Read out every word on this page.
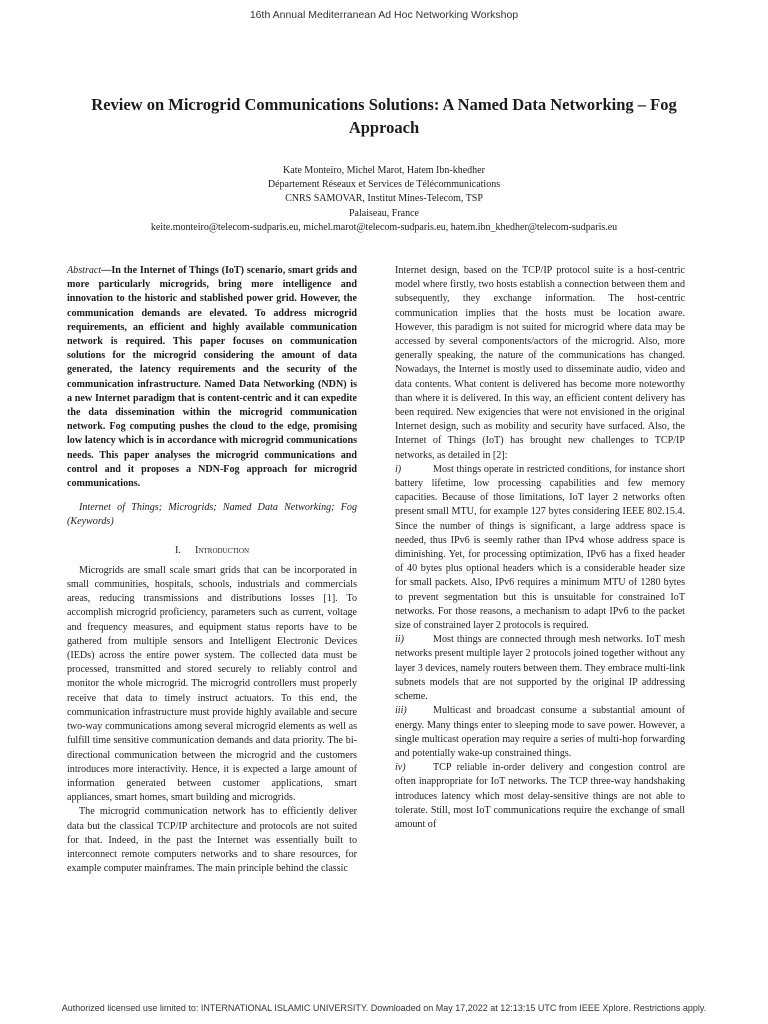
16th Annual Mediterranean Ad Hoc Networking Workshop
Review on Microgrid Communications Solutions: A Named Data Networking – Fog Approach
Kate Monteiro, Michel Marot, Hatem Ibn-khedher
Département Réseaux et Services de Télécommunications
CNRS SAMOVAR, Institut Mines-Telecom, TSP
Palaiseau, France
keite.monteiro@telecom-sudparis.eu, michel.marot@telecom-sudparis.eu, hatem.ibn_khedher@telecom-sudparis.eu

Abstract—In the Internet of Things (IoT) scenario, smart grids and more particularly microgrids, bring more intelligence and innovation to the historic and stablished power grid. However, the communication demands are elevated. To address microgrid requirements, an efficient and highly available communication network is required. This paper focuses on communication solutions for the microgrid considering the amount of data generated, the latency requirements and the security of the communication infrastructure. Named Data Networking (NDN) is a new Internet paradigm that is content-centric and it can expedite the data dissemination within the microgrid communication network. Fog computing pushes the cloud to the edge, promising low latency which is in accordance with microgrid communications needs. This paper analyses the microgrid communications and control and it proposes a NDN-Fog approach for microgrid communications.

Internet of Things; Microgrids; Named Data Networking; Fog (Keywords)

I. Introduction

Microgrids are small scale smart grids that can be incorporated in small communities, hospitals, schools, industrials and commercials areas, reducing transmissions and distributions losses [1]. To accomplish microgrid proficiency, parameters such as current, voltage and frequency measures, and equipment status reports have to be gathered from multiple sensors and Intelligent Electronic Devices (IEDs) across the entire power system. The collected data must be processed, transmitted and stored securely to reliably control and monitor the whole microgrid. The microgrid controllers must properly receive that data to timely instruct actuators. To this end, the communication infrastructure must provide highly available and secure two-way communications among several microgrid elements as well as fulfill time sensitive communication demands and data priority. The bi-directional communication between the microgrid and the customers introduces more interactivity. Hence, it is expected a large amount of information generated between customer applications, smart appliances, smart homes, smart building and microgrids.

The microgrid communication network has to efficiently deliver data but the classical TCP/IP architecture and protocols are not suited for that. Indeed, in the past the Internet was essentially built to interconnect remote computers networks and to share resources, for example computer mainframes. The main principle behind the classic

Internet design, based on the TCP/IP protocol suite is a host-centric model where firstly, two hosts establish a connection between them and subsequently, they exchange information. The host-centric communication implies that the hosts must be location aware. However, this paradigm is not suited for microgrid where data may be accessed by several components/actors of the microgrid. Also, more generally speaking, the nature of the communications has changed. Nowadays, the Internet is mostly used to disseminate audio, video and data contents. What content is delivered has become more noteworthy than where it is delivered. In this way, an efficient content delivery has been required. New exigencies that were not envisioned in the original Internet design, such as mobility and security have surfaced. Also, the Internet of Things (IoT) has brought new challenges to TCP/IP networks, as detailed in [2]:

i)	Most things operate in restricted conditions, for instance short battery lifetime, low processing capabilities and few memory capacities. Because of those limitations, IoT layer 2 networks often present small MTU, for example 127 bytes considering IEEE 802.15.4. Since the number of things is significant, a large address space is needed, thus IPv6 is seemly rather than IPv4 whose address space is diminishing. Yet, for processing optimization, IPv6 has a fixed header of 40 bytes plus optional headers which is a considerable header size for small packets. Also, IPv6 requires a minimum MTU of 1280 bytes to prevent segmentation but this is unsuitable for constrained IoT networks. For those reasons, a mechanism to adapt IPv6 to the packet size of constrained layer 2 protocols is required.

ii)	Most things are connected through mesh networks. IoT mesh networks present multiple layer 2 protocols joined together without any layer 3 devices, namely routers between them. They embrace multi-link subnets models that are not supported by the original IP addressing scheme.

iii)	Multicast and broadcast consume a substantial amount of energy. Many things enter to sleeping mode to save power. However, a single multicast operation may require a series of multi-hop forwarding and potentially wake-up constrained things.

iv)	TCP reliable in-order delivery and congestion control are often inappropriate for IoT networks. The TCP three-way handshaking introduces latency which most delay-sensitive things are not able to tolerate. Still, most IoT communications require the exchange of small amount of

Authorized licensed use limited to: INTERNATIONAL ISLAMIC UNIVERSITY. Downloaded on May 17,2022 at 12:13:15 UTC from IEEE Xplore. Restrictions apply.
